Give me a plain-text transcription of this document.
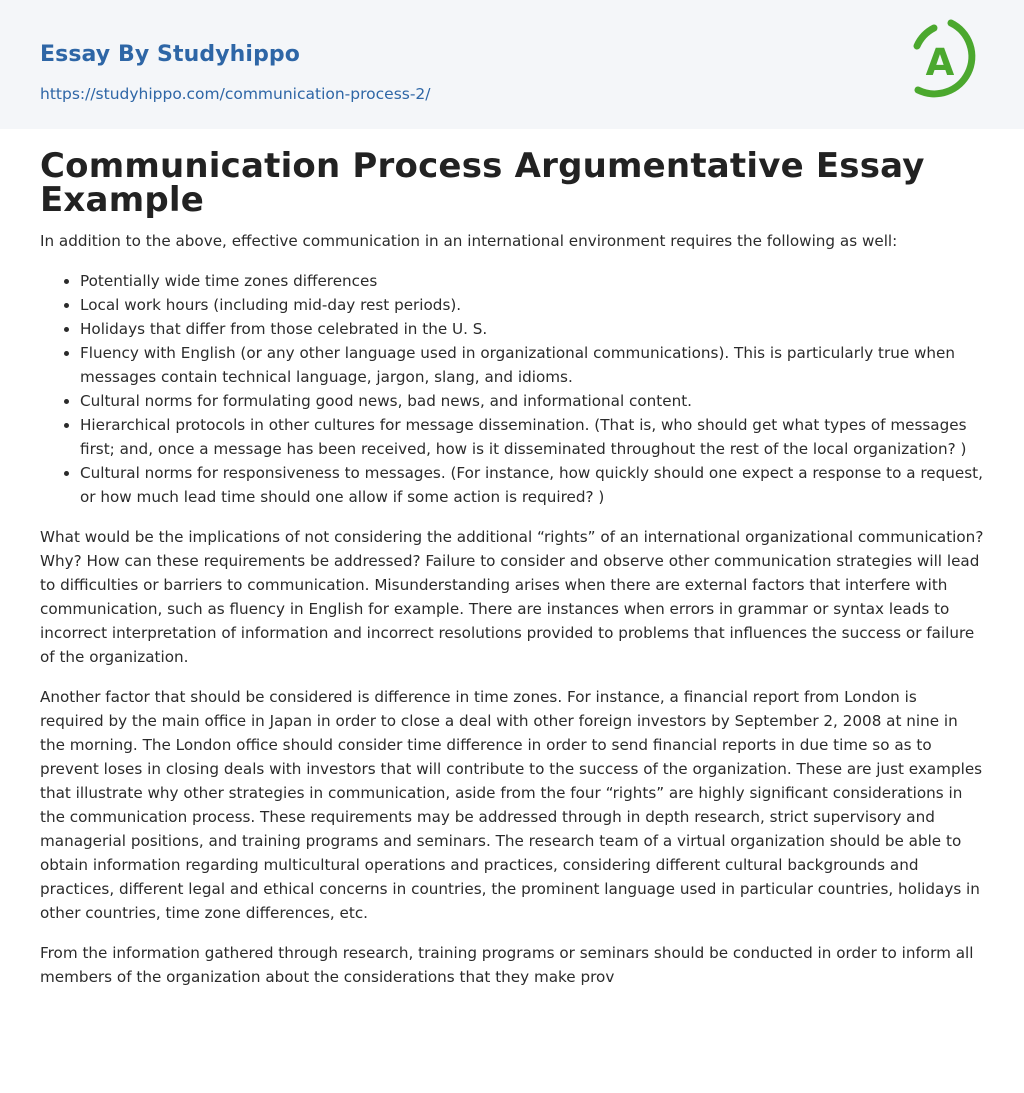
Essay By Studyhippo
https://studyhippo.com/communication-process-2/
A
Communication Process Argumentative Essay Example

In addition to the above, effective communication in an international environment requires the following as well:

• Potentially wide time zones differences
• Local work hours (including mid-day rest periods).
• Holidays that differ from those celebrated in the U. S.
• Fluency with English (or any other language used in organizational communications). This is particularly true when messages contain technical language, jargon, slang, and idioms.
• Cultural norms for formulating good news, bad news, and informational content.
• Hierarchical protocols in other cultures for message dissemination. (That is, who should get what types of messages first; and, once a message has been received, how is it disseminated throughout the rest of the local organization? )
• Cultural norms for responsiveness to messages. (For instance, how quickly should one expect a response to a request, or how much lead time should one allow if some action is required? )

What would be the implications of not considering the additional “rights” of an international organizational communication? Why? How can these requirements be addressed? Failure to consider and observe other communication strategies will lead to difficulties or barriers to communication. Misunderstanding arises when there are external factors that interfere with communication, such as fluency in English for example. There are instances when errors in grammar or syntax leads to incorrect interpretation of information and incorrect resolutions provided to problems that influences the success or failure of the organization.

Another factor that should be considered is difference in time zones. For instance, a financial report from London is required by the main office in Japan in order to close a deal with other foreign investors by September 2, 2008 at nine in the morning. The London office should consider time difference in order to send financial reports in due time so as to prevent loses in closing deals with investors that will contribute to the success of the organization. These are just examples that illustrate why other strategies in communication, aside from the four “rights” are highly significant considerations in the communication process. These requirements may be addressed through in depth research, strict supervisory and managerial positions, and training programs and seminars. The research team of a virtual organization should be able to obtain information regarding multicultural operations and practices, considering different cultural backgrounds and practices, different legal and ethical concerns in countries, the prominent language used in particular countries, holidays in other countries, time zone differences, etc.

From the information gathered through research, training programs or seminars should be conducted in order to inform all members of the organization about the considerations that they make prov
